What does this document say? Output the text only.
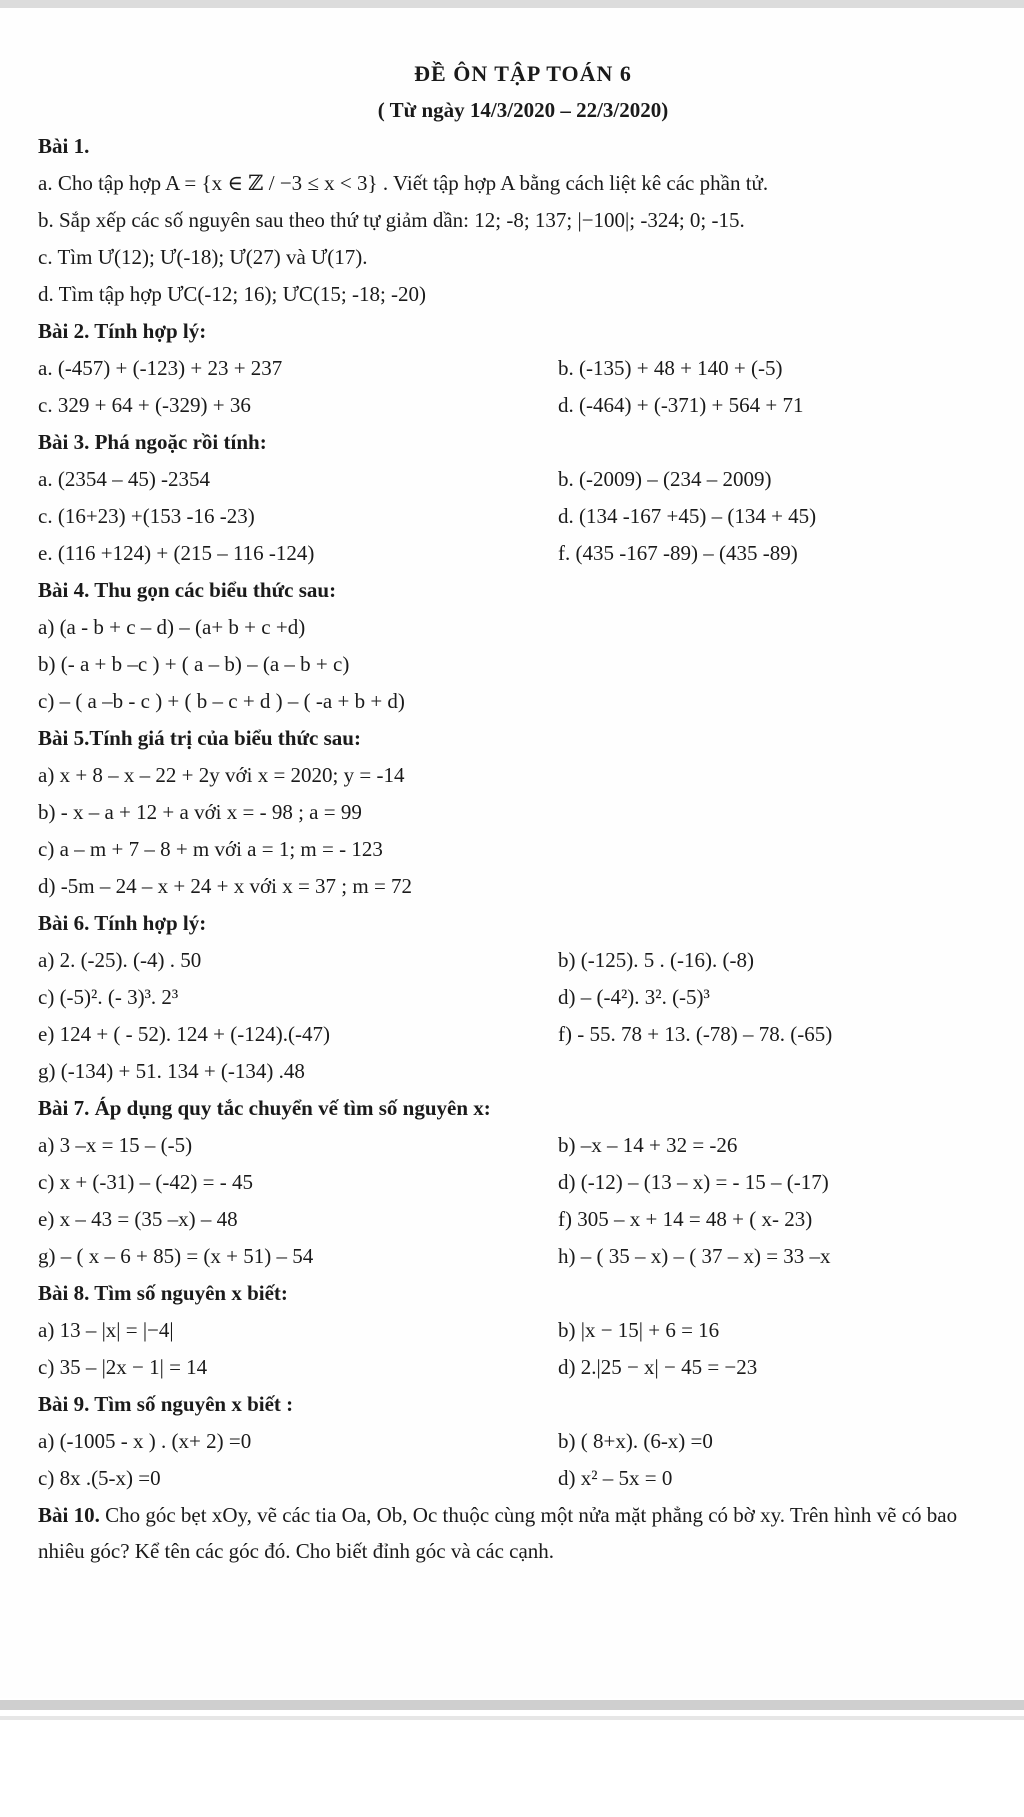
ĐỀ ÔN TẬP TOÁN 6
( Từ ngày 14/3/2020 – 22/3/2020)
Bài 1.
a. Cho tập hợp A = {x ∈ ℤ / −3 ≤ x < 3} . Viết tập hợp A bằng cách liệt kê các phần tử.
b. Sắp xếp các số nguyên sau theo thứ tự giảm dần: 12; -8; 137; |−100|; -324; 0; -15.
c. Tìm Ư(12); Ư(-18); Ư(27) và Ư(17).
d. Tìm tập hợp ƯC(-12; 16); ƯC(15; -18; -20)
Bài 2. Tính hợp lý:
a. (-457) + (-123) + 23 + 237	b. (-135) + 48 + 140 + (-5)
c. 329 + 64 + (-329) + 36	d. (-464) + (-371) + 564 + 71
Bài 3. Phá ngoặc rồi tính:
a. (2354 – 45) -2354	b. (-2009) – (234 – 2009)
c. (16+23) +(153 -16 -23)	d. (134 -167 +45) – (134 + 45)
e. (116 +124) + (215 – 116 -124)	f. (435 -167 -89) – (435 -89)
Bài 4. Thu gọn các biểu thức sau:
a) (a - b + c – d) – (a+ b + c +d)
b) (- a + b –c ) + ( a – b) – (a – b + c)
c) – ( a –b - c ) + ( b – c + d ) – ( -a + b + d)
Bài 5.Tính giá trị của biểu thức sau:
a) x + 8 – x – 22 + 2y với x = 2020; y = -14
b) - x – a + 12 + a với x = - 98 ; a = 99
c) a – m + 7 – 8 + m với a = 1; m = - 123
d) -5m – 24 – x + 24 + x với x = 37 ; m = 72
Bài 6. Tính hợp lý:
a) 2. (-25). (-4) . 50	b) (-125). 5 . (-16). (-8)
c) (-5)². (- 3)³. 2³	d) – (-4²). 3². (-5)³
e) 124 + ( - 52). 124 + (-124).(-47)	f) - 55. 78 + 13. (-78) – 78. (-65)
g) (-134) + 51. 134 + (-134) .48
Bài 7. Áp dụng quy tắc chuyển vế tìm số nguyên x:
a) 3 –x = 15 – (-5)	b) –x – 14 + 32 = -26
c) x + (-31) – (-42) = - 45	d) (-12) – (13 – x) = - 15 – (-17)
e) x – 43 = (35 –x) – 48	f) 305 – x + 14 = 48 + ( x- 23)
g) – ( x – 6 + 85) = (x + 51) – 54	h) – ( 35 – x) – ( 37 – x) = 33 –x
Bài 8. Tìm số nguyên x biết:
a) 13 – |x| = |−4|	b) |x − 15| + 6 = 16
c) 35 – |2x − 1| = 14	d) 2.|25 − x| − 45 = −23
Bài 9. Tìm số nguyên x biết :
a) (-1005 - x ) . (x+ 2) =0	b) ( 8+x). (6-x) =0
c) 8x .(5-x) =0	d) x² – 5x = 0
Bài 10. Cho góc bẹt xOy, vẽ các tia Oa, Ob, Oc thuộc cùng một nửa mặt phẳng có bờ xy. Trên hình vẽ có bao nhiêu góc? Kể tên các góc đó. Cho biết đỉnh góc và các cạnh.
